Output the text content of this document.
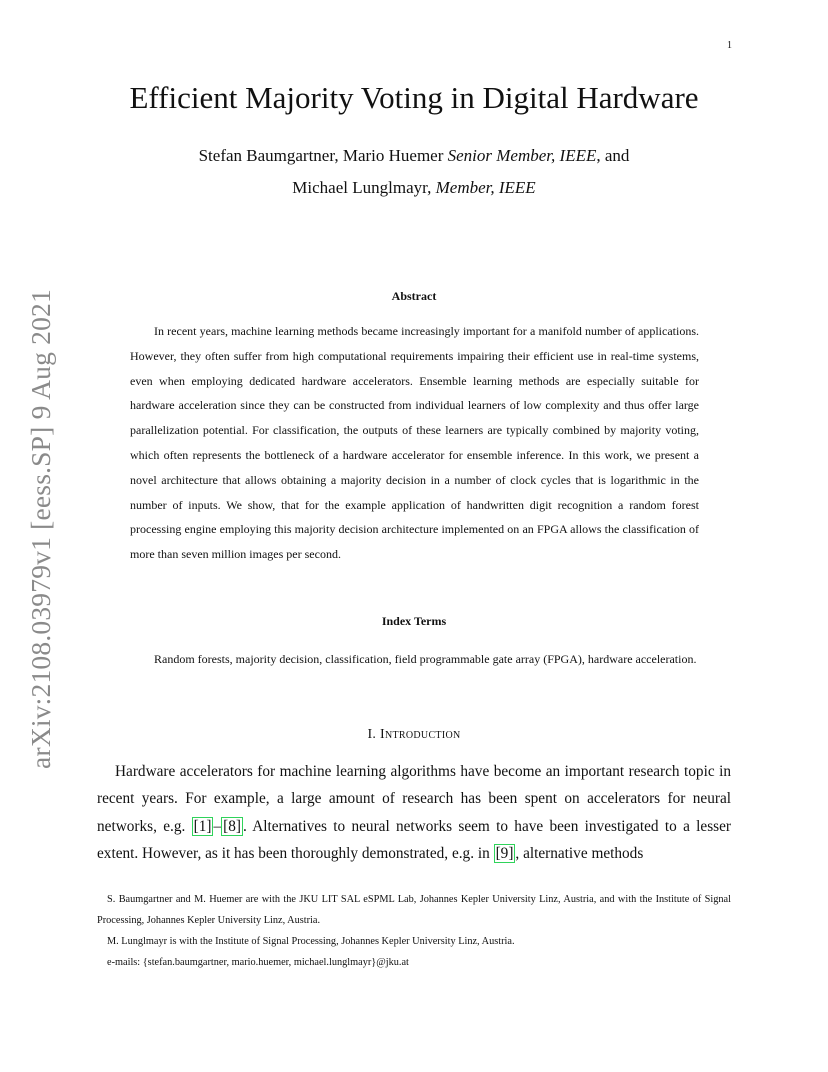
1
arXiv:2108.03979v1 [eess.SP] 9 Aug 2021
Efficient Majority Voting in Digital Hardware
Stefan Baumgartner, Mario Huemer Senior Member, IEEE, and
Michael Lunglmayr, Member, IEEE
Abstract

In recent years, machine learning methods became increasingly important for a manifold number of applications. However, they often suffer from high computational requirements impairing their efficient use in real-time systems, even when employing dedicated hardware accelerators. Ensemble learning methods are especially suitable for hardware acceleration since they can be constructed from individual learners of low complexity and thus offer large parallelization potential. For classification, the outputs of these learners are typically combined by majority voting, which often represents the bottleneck of a hardware accelerator for ensemble inference. In this work, we present a novel architecture that allows obtaining a majority decision in a number of clock cycles that is logarithmic in the number of inputs. We show, that for the example application of handwritten digit recognition a random forest processing engine employing this majority decision architecture implemented on an FPGA allows the classification of more than seven million images per second.

Index Terms

Random forests, majority decision, classification, field programmable gate array (FPGA), hardware acceleration.

I. Introduction

Hardware accelerators for machine learning algorithms have become an important research topic in recent years. For example, a large amount of research has been spent on accelerators for neural networks, e.g. [1] – [8] . Alternatives to neural networks seem to have been investigated to a lesser extent. However, as it has been thoroughly demonstrated, e.g. in [9] , alternative methods

S. Baumgartner and M. Huemer are with the JKU LIT SAL eSPML Lab, Johannes Kepler University Linz, Austria, and with the Institute of Signal Processing, Johannes Kepler University Linz, Austria.

M. Lunglmayr is with the Institute of Signal Processing, Johannes Kepler University Linz, Austria.

e-mails: {stefan.baumgartner, mario.huemer, michael.lunglmayr}@jku.at
